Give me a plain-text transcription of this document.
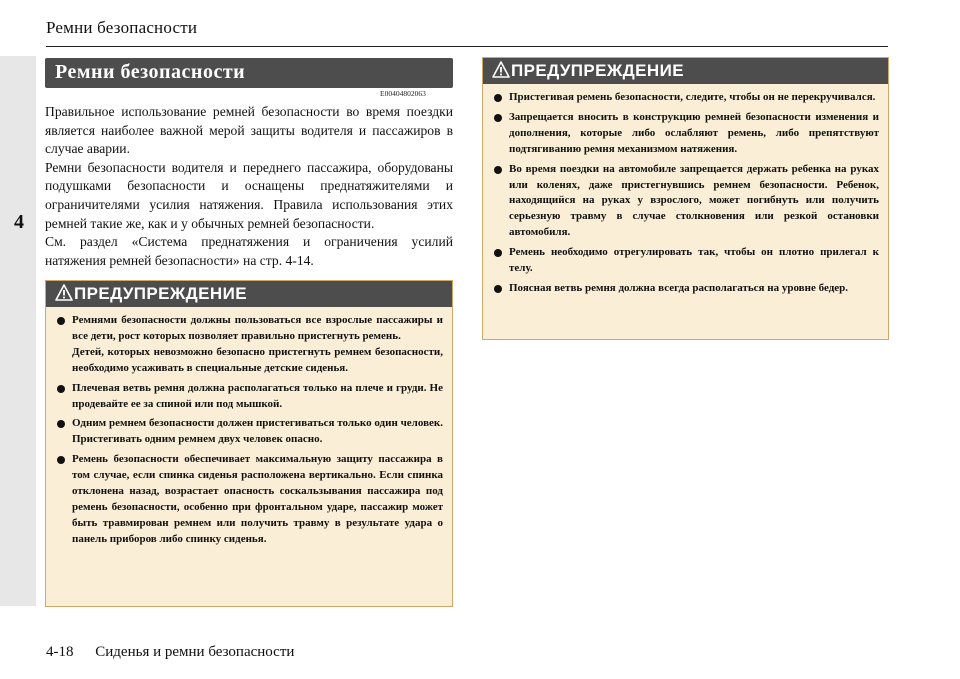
Ремни безопасности
4
Ремни безопасности
E00404802063

Правильное использование ремней безопасности во время поездки является наиболее важной мерой защиты водителя и пассажиров в случае аварии.

Ремни безопасности водителя и переднего пассажира, оборудованы подушками безопасности и оснащены преднатяжителями и ограничителями усилия натяжения. Правила использования этих ремней такие же, как и у обычных ремней безопасности.

См. раздел «Система преднатяжения и ограничения усилий натяжения ремней безопасности» на стр. 4-14.

ПРЕДУПРЕЖДЕНИЕ
Ремнями безопасности должны пользоваться все взрослые пассажиры и все дети, рост которых позволяет правильно пристегнуть ремень.
Детей, которых невозможно безопасно пристегнуть ремнем безопасности, необходимо усаживать в специальные детские сиденья.
Плечевая ветвь ремня должна располагаться только на плече и груди. Не продевайте ее за спиной или под мышкой.
Одним ремнем безопасности должен пристегиваться только один человек. Пристегивать одним ремнем двух человек опасно.
Ремень безопасности обеспечивает максимальную защиту пассажира в том случае, если спинка сиденья расположена вертикально. Если спинка отклонена назад, возрастает опасность соскальзывания пассажира под ремень безопасности, особенно при фронтальном ударе, пассажир может быть травмирован ремнем или получить травму в результате удара о панель приборов либо спинку сиденья.
ПРЕДУПРЕЖДЕНИЕ
Пристегивая ремень безопасности, следите, чтобы он не перекручивался.
Запрещается вносить в конструкцию ремней безопасности изменения и дополнения, которые либо ослабляют ремень, либо препятствуют подтягиванию ремня механизмом натяжения.
Во время поездки на автомобиле запрещается держать ребенка на руках или коленях, даже пристегнувшись ремнем безопасности. Ребенок, находящийся на руках у взрослого, может погибнуть или получить серьезную травму в случае столкновения или резкой остановки автомобиля.
Ремень необходимо отрегулировать так, чтобы он плотно прилегал к телу.
Поясная ветвь ремня должна всегда располагаться на уровне бедер.
4-18 Сиденья и ремни безопасности
